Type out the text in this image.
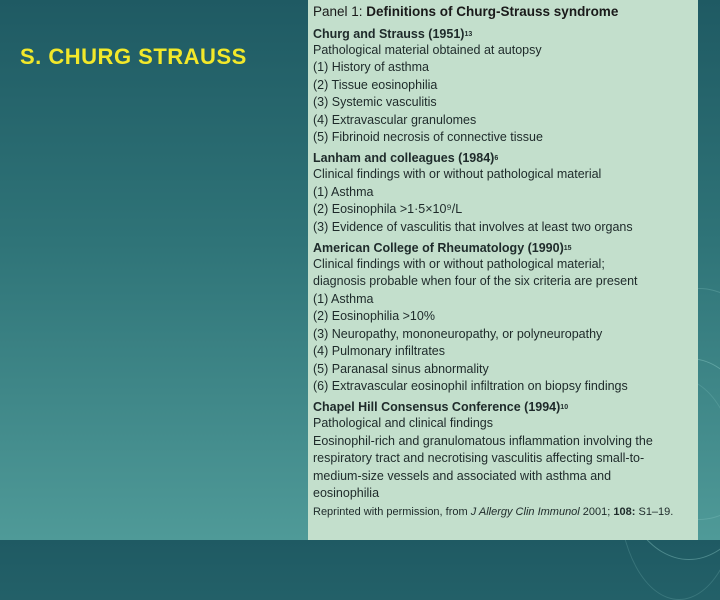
S. CHURG STRAUSS
Panel 1: Definitions of Churg-Strauss syndrome
Churg and Strauss $(1951)^{13}$
Pathological material obtained at autopsy
(1) History of asthma
(2) Tissue eosinophilia
(3) Systemic vasculitis
(4) Extravascular granulomes
(5) Fibrinoid necrosis of connective tissue
Lanham and colleagues $(1984)^6$
Clinical findings with or without pathological material
(1) Asthma
(2) Eosinophila >1·5×10⁹/L
(3) Evidence of vasculitis that involves at least two organs
American College of Rheumatology $(1990)^{15}$
Clinical findings with or without pathological material;
diagnosis probable when four of the six criteria are present
(1) Asthma
(2) Eosinophilia >10%
(3) Neuropathy, mononeuropathy, or polyneuropathy
(4) Pulmonary infiltrates
(5) Paranasal sinus abnormality
(6) Extravascular eosinophil infiltration on biopsy findings
Chapel Hill Consensus Conference $(1994)^{10}$
Pathological and clinical findings
Eosinophil-rich and granulomatous inflammation involving the
respiratory tract and necrotising vasculitis affecting small-to-
medium-size vessels and associated with asthma and
eosinophilia
Reprinted with permission, from J Allergy Clin Immunol 2001; 108: S1–19.
